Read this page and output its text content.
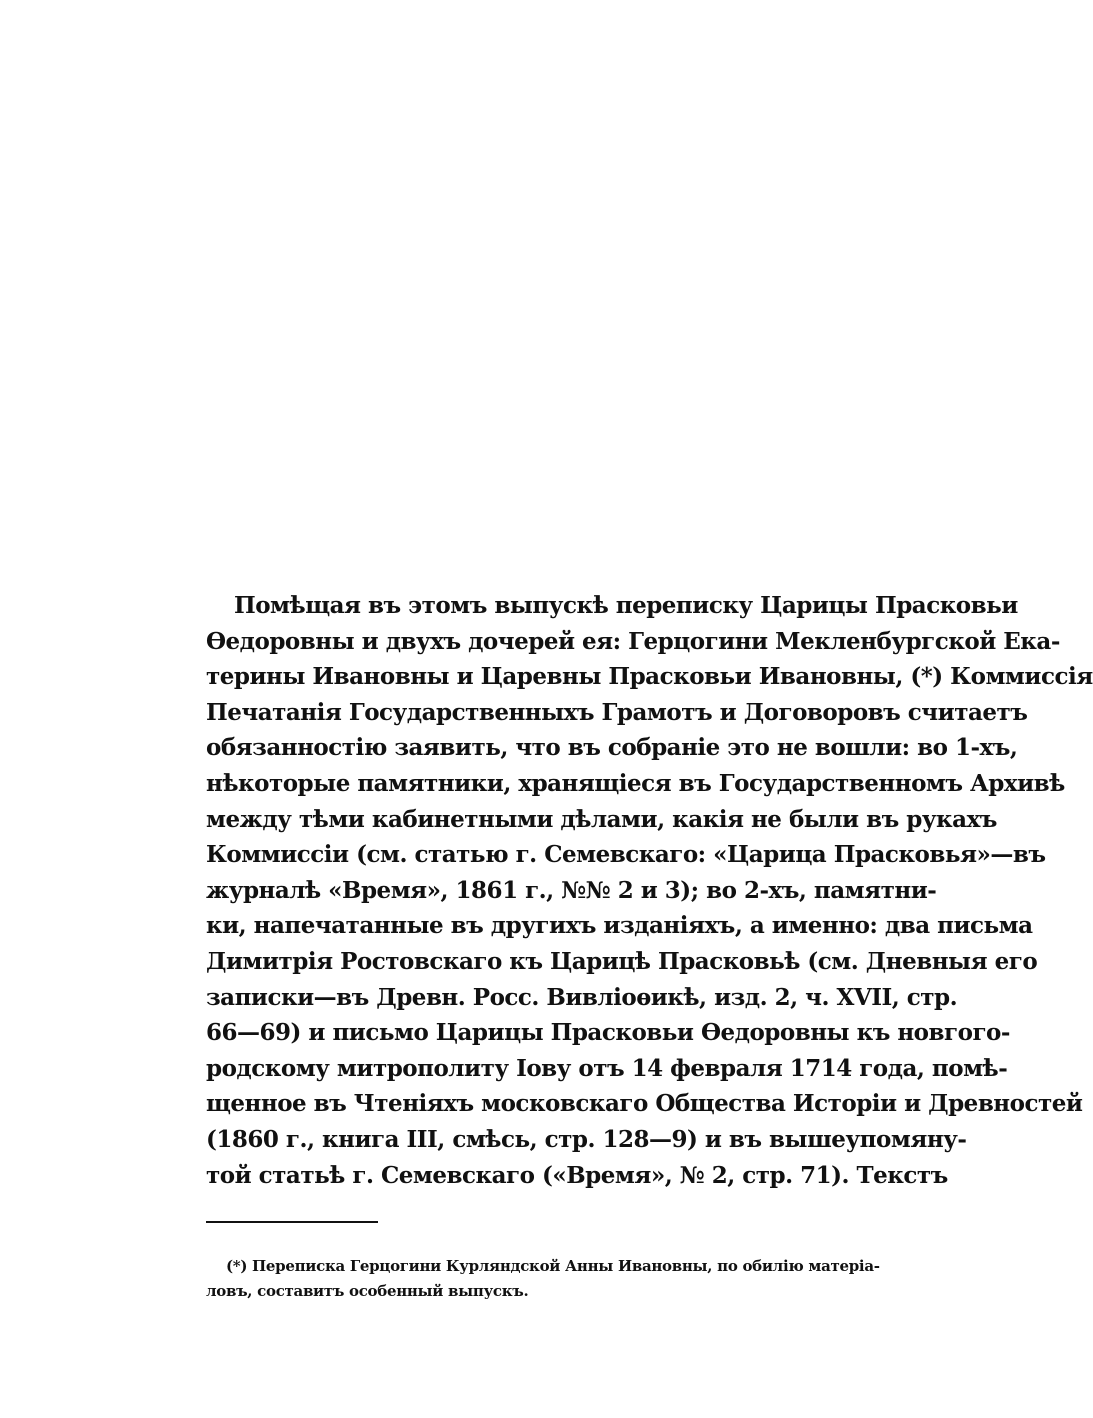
Помѣщая въ этомъ выпускѣ переписку Царицы Прасковьи
Ѳедоровны и двухъ дочерей ея: Герцогини Мекленбургской Ека-
терины Ивановны и Царевны Прасковьи Ивановны, (*) Коммиссія
Печатанія Государственныхъ Грамотъ и Договоровъ считаетъ
обязанностію заявить, что въ собраніе это не вошли: во 1-хъ,
нѣкоторые памятники, хранящіеся въ Государственномъ Архивѣ
между тѣми кабинетными дѣлами, какія не были въ рукахъ
Коммиссіи (см. статью г. Семевскаго: «Царица Прасковья»—въ
журналѣ «Время», 1861 г., №№ 2 и 3); во 2-хъ, памятни-
ки, напечатанные въ другихъ изданіяхъ, а именно: два письма
Димитрія Ростовскаго къ Царицѣ Прасковьѣ (см. Дневныя его
записки—въ Древн. Росс. Вивліоѳикѣ, изд. 2, ч. XVII, стр.
66—69) и письмо Царицы Прасковьи Ѳедоровны къ новгого-
родскому митрополиту Іову отъ 14 февраля 1714 года, помѣ-
щенное въ Чтеніяхъ московскаго Общества Исторіи и Древностей
(1860 г., книга III, смѣсь, стр. 128—9) и въ вышеупомяну-
той статьѣ г. Семевскаго («Время», № 2, стр. 71). Текстъ
(*) Переписка Герцогини Курляндской Анны Ивановны, по обилію матеріа-
ловъ, составитъ особенный выпускъ.
